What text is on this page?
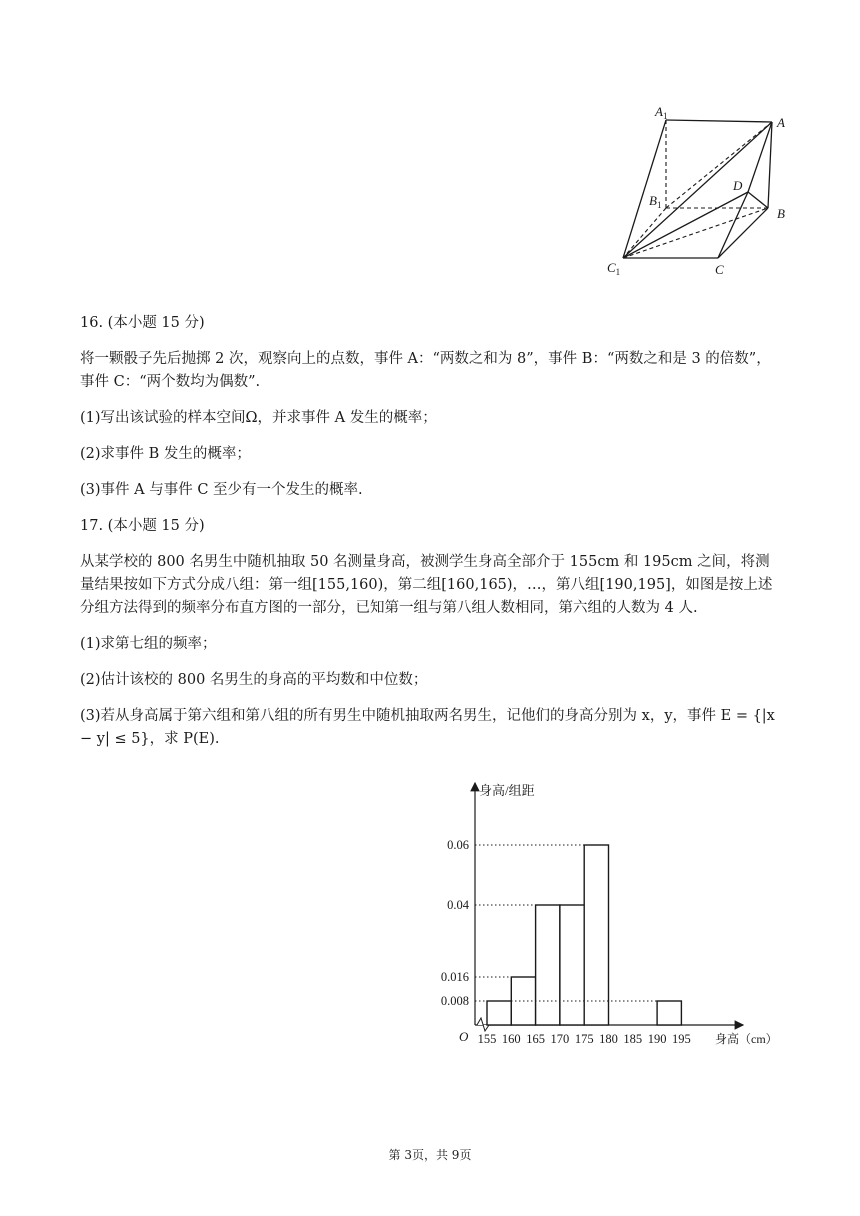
$A_1$	A
$B_1$
D
B
$C_1$	C

16. (本小题 15 分)

将一颗骰子先后抛掷 2 次，观察向上的点数，事件 A：“两数之和为 8”，事件 B：“两数之和是 3 的倍数”，事件 C：“两个数均为偶数”.

(1)写出该试验的样本空间Ω，并求事件 A 发生的概率；

(2)求事件 B 发生的概率；

(3)事件 A 与事件 C 至少有一个发生的概率.

17. (本小题 15 分)

从某学校的 800 名男生中随机抽取 50 名测量身高，被测学生身高全部介于 155cm 和 195cm 之间，将测量结果按如下方式分成八组：第一组[155,160)，第二组[160,165)，…，第八组[190,195]，如图是按上述分组方法得到的频率分布直方图的一部分，已知第一组与第八组人数相同，第六组的人数为 4 人.

(1)求第七组的频率；

(2)估计该校的 800 名男生的身高的平均数和中位数；

(3)若从身高属于第六组和第八组的所有男生中随机抽取两名男生，记他们的身高分别为 x，y，事件 E = {|x − y| ≤ 5}，求 P(E).

O
身高/组距
身高（cm）
0.06
0.04
0.016
0.008
155 160 165 170 175 180 185 190 195
第 3页，共 9页
